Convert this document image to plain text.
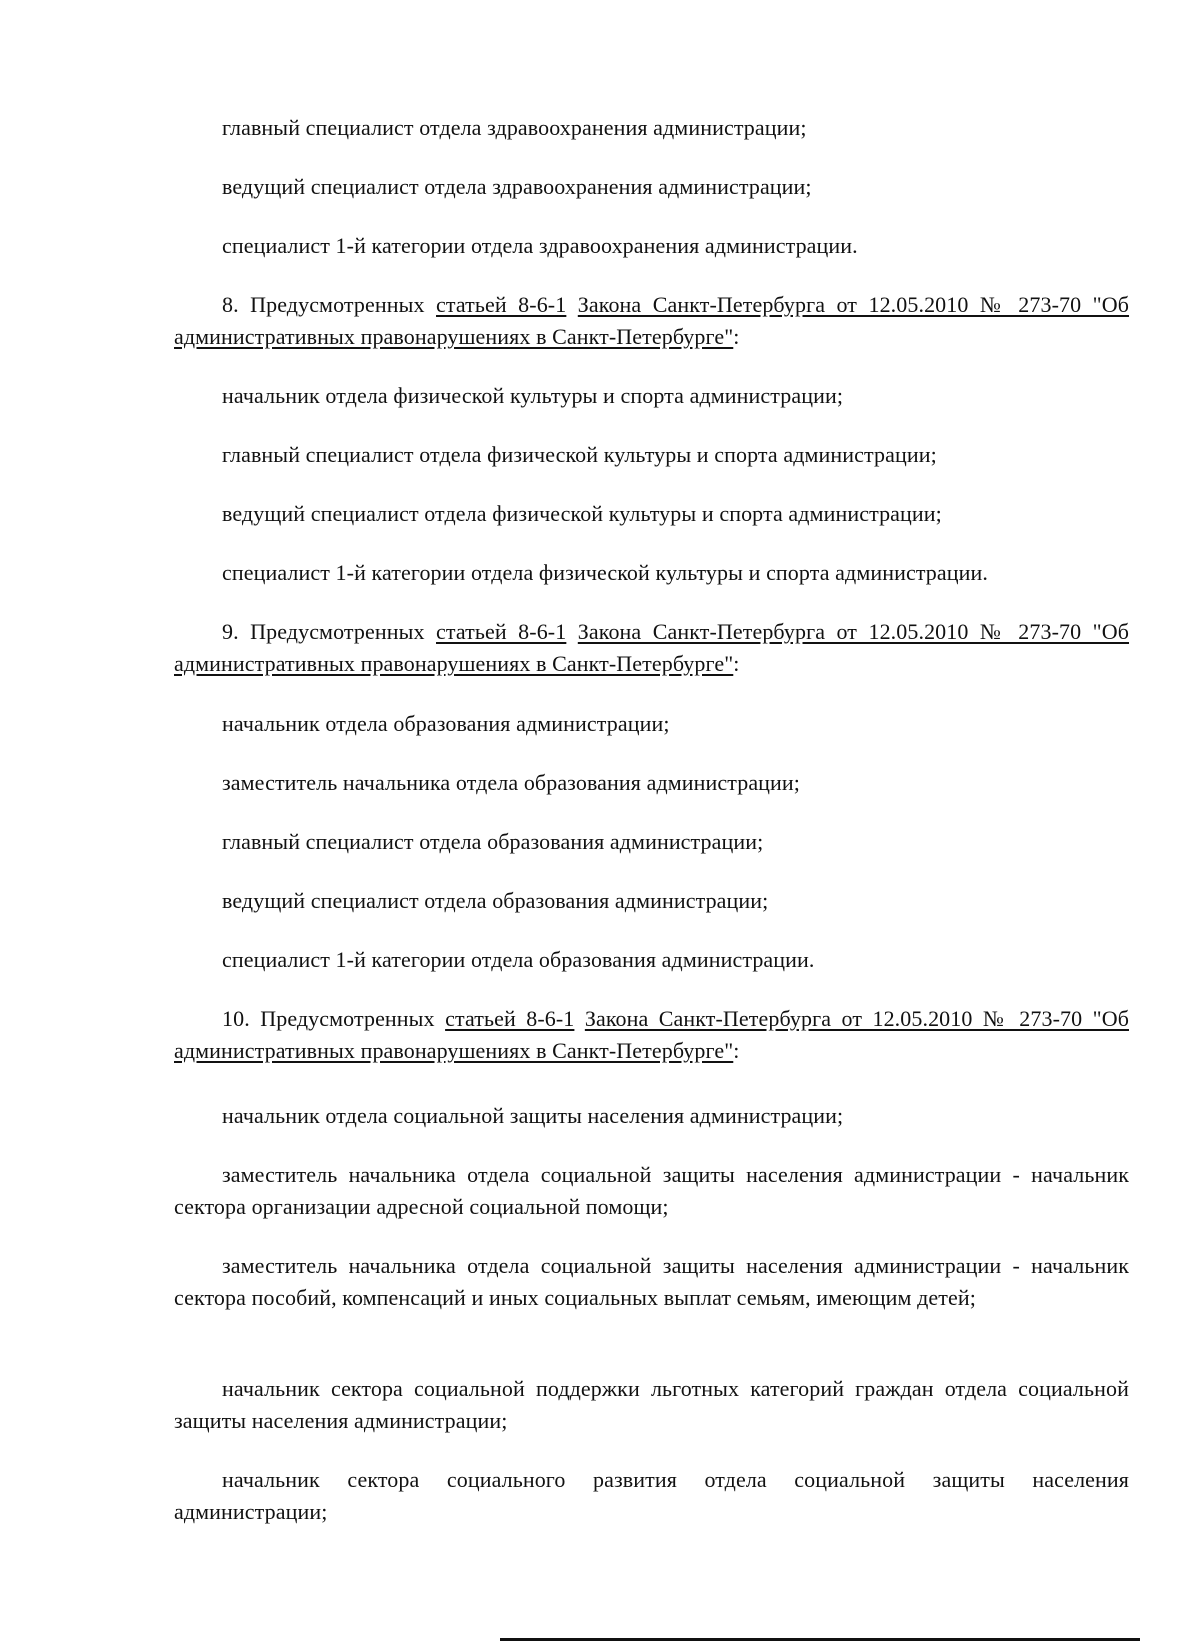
главный специалист отдела здравоохранения администрации;

ведущий специалист отдела здравоохранения администрации;

специалист 1-й категории отдела здравоохранения администрации.

8. Предусмотренных статьей 8-6-1 Закона Санкт-Петербурга от 12.05.2010 № 273-70 "Об административных правонарушениях в Санкт-Петербурге":

начальник отдела физической культуры и спорта администрации;

главный специалист отдела физической культуры и спорта администрации;

ведущий специалист отдела физической культуры и спорта администрации;

специалист 1-й категории отдела физической культуры и спорта администрации.

9. Предусмотренных статьей 8-6-1 Закона Санкт-Петербурга от 12.05.2010 № 273-70 "Об административных правонарушениях в Санкт-Петербурге":

начальник отдела образования администрации;

заместитель начальника отдела образования администрации;

главный специалист отдела образования администрации;

ведущий специалист отдела образования администрации;

специалист 1-й категории отдела образования администрации.

10. Предусмотренных статьей 8-6-1 Закона Санкт-Петербурга от 12.05.2010 № 273-70 "Об административных правонарушениях в Санкт-Петербурге":

начальник отдела социальной защиты населения администрации;

заместитель начальника отдела социальной защиты населения администрации - начальник сектора организации адресной социальной помощи;

заместитель начальника отдела социальной защиты населения администрации - начальник сектора пособий, компенсаций и иных социальных выплат семьям, имеющим детей;

начальник сектора социальной поддержки льготных категорий граждан отдела социальной защиты населения администрации;

начальник сектора социального развития отдела социальной защиты населения администрации;
